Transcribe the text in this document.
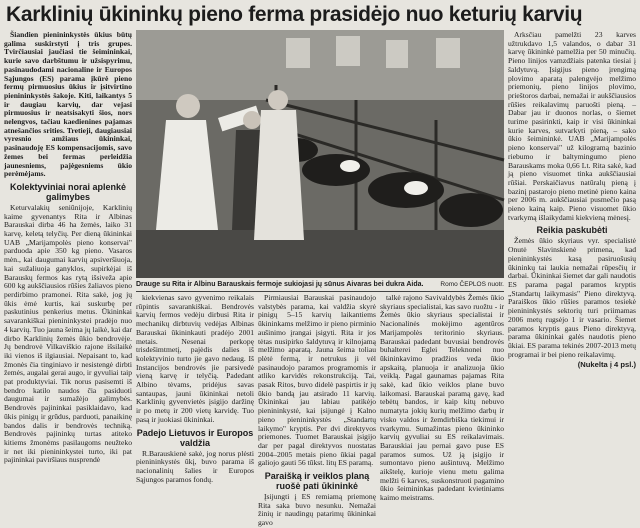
Karklinių ūkininkų pieno ferma prasidėjo nuo keturių karvių

Šiandien pienininkystės ūkius būtų galima suskirstyti į tris grupes. Tvirčiausiai jaučiasi tie šeimininkai, kurie savo darbštumu ir užsispyrimu, pasinaudodami nacionaline ir Europos Sąjungos (ES) parama įkūrė pieno fermų pirmuosius ūkius ir įsitvirtino pienininkystės šakoje. Kiti, laikantys 5 ir daugiau karvių, dar vejasi pirmuosius ir neatsisakyti šios, nors nelengvos, tačiau kaedienines pajamas atnešančios srities. Tretieji, daugiausiai vyresnio amžiaus ūkininkai, pasinaudoję ES kompensacijomis, savo žemes bei fermas perleidžia jaunesniems, pajėgesniems ūkio perėmėjams.

Kolektyviniai norai aplenkė galimybes

Keturvalakių seniūnijoje, Karklinių kaime gyvenantys Rita ir Albinas Barauskai dirba 46 ha žemės, laiko 31 karvę, keletą telyčių. Per dieną ūkininkai UAB „Marijampolės pieno konservai" parduoda apie 350 kg pieno. Vasaros mėn., kai daugumai karvių apsiveršiuoja, kai sužaliuoja ganyklos, supirkėjai iš Barauskų fermos kas rytą išsiveža apie 600 kg aukščiausios rūšies žaliavos pieno perdirbimo pramonei. Rita sakė, jog jų ūkis ėmė kurtis, kai suskurbę per paskutinius penkerius metus. Ūkininkai savarankiškai pienininkystei pradėjo nuo 4 karvių. Tuo jauna šeima jų laikė, kai dar dirbo Karklinių žemės ūkio bendrovėje. Jų bendrovė Vilkaviškio rajone išsilaikė iki vienos iš ilgiausiai. Nepaisant to, kad žmonės čia tinginiavo ir nesistengė dirbti žemės, augalai gerai augo, ir gyvuliai taip pat produktyviai. Tik norus pasisemti iš bendro katilo naudos čia pasiduoti daugumai ir sumažėjo galimybės. Bendrovės pajininkai pasiklaidavo, kad ūkis pinigų ir grūdus, parduoti, panaikinę bandos dalis ir bendrovės techniką. Bendrovės pajininkų turtas atiteko kitiems žmonėms pasilaugoms neužteko ir net iki pienininkystei turto, iki pat pajininkai paviršiaus nusprendė

Drauge su Rita ir Albinu Barauskais fermoje sukiojasi jų sūnus Aivaras bei dukra Aida.	Romo ČEPLOS nuotr.

kiekvienas savo gyvenimo reikalais rūpintis savarankiškai. Bendrovės karvių fermos vedėju dirbusi Rita ir mechanikų dirbtuvių vedėjas Albinas Barauskai ūkininkauti pradėjo 2001 metais. Nesenai perkopę trisdešimtmetį, pajėdis dalies iš kolektyvinio turto jie gavo nedaug. Iš Instancijos bendrovės jie parsivedė vieną karvę ir telyčią. Padedant Albino tėvams, pridėjus savas santaupas, jauni ūkininkai netoli Karklinių gyvenvietės įsigijo daržinę ir po metų ir 200 vietų karvidę. Tuo pasą ir juokiasi ūkininkai.

Padejo Lietuvos ir Europos valdžia

R.Barauskienė sakė, jog norus plėsti pienininkystės ūkį, buvo parama iš nacionalinių šalies ir Europos Sąjungos paramos fondų.

Pirmiausiai Barauskai pasinaudojo valstybės parama, kai valdžia skyrė pinigų 5–15 karvių laikantiems ūkininkams melžimo ir pieno pirminio aušinimo įrangai įsigyti. Rita ir jos tėtas nusipirko šaldytuvą ir kilnojamą melžimo aparatą. Jauna šeima toliau plėtė fermą, ir netrukus ji vėl pasinaudojo paramos programomis ir atliko karvidės rekonstrukciją. Tai, pasak Ritos, buvo didelė paspirtis ir jų ūkio bandą jau atsirado 11 karvių. Ūkininkai jau labiau patikėjo pienininkystė, kai įsijungė į Kalno pieno pienininkystės „Standartų laikymo" kryptis. Per dvi direktyvos priemones. Tuomet Barauskai įsigijo dar per pagal direktyvos nuostatas 2004–2005 metais pieno ūkiai pagal galiojo gauti 56 tūkst. litų ES paramą.

Paraišką ir veiklos planą ruošė pati ūkininkė

Įsijungti į ES remiamą priemonę Rita saka buvo nesunku. Nemažai žinių ir naudingų patarimų ūkininkai gavo

talkė rajono Savivaldybės Žemės ūkio skyriaus specialistai, kas savo ruožtu - ir Žemės ūkio skyriaus specialistai ir Nacionalinės mokėjimo agentūros Marijampolės teritorinio skyriaus. Barauskai padedant buvusiai bendrovės buhalterei Eglei Teleknonei nuo ūkininkavimo pradžios veda ūkio apskaitą, planuoja ir analizuoja ūkio veiklą. Pagal gaunamas pajamas Rita sakė, kad ūkio veiklos plane buvo laikomasi. Barauskai paramą gavę, kad tebėtų bandos, ir kaip kitų nebuvo numatyta jokių kurių melžimo darbų ir visko valdos ir žemdirbiška tiekimui ir tvarkymu. Sumažintas pieno ūkininko karvių gyvuliai su ES reikalavimais. Barauskiai jau pernai gavo puse ES paramos sumos. Už ją įsigijo ir sumontavo pieno aušintuvą. Melžimo aikštelę, kurioje vienu metu galima melžti 6 karves, suskonstruoti pagamino ūkio šeimininkas padedant kvietiniams kaimo meistrams.

Arksčiau pamelžti 23 karves užtrukdavo 1,5 valandos, o dabar 31 karvę ūkininkė pamelžia per 50 minučių. Pieno linijos vamzdžiais patenka tiesiai į šaldytuvą. Įsigijus pieno įrengimą plovimo aparatą palengvėjo melžimo priemonių, pieno linijos plovimo, prieštoros darbai, nemažai ir aukščiausios rūšies reikalavimų paruošti pieną. – Dabar jau ir duonos norlas, o šiemet turime pasirinkti, kaip ir visi ūkininkai kurie karves, sutvarkyti pieną, – sako ūkio šeimininkė. UAB „Marijampolės pieno konservai" už kilogramą bazinio riebumo ir baltymingumo pieno Barauskams moka 0,66 Lt. Rita sakė, kad ją pieno visuomet tinka aukščiausiai rūšiai. Perskaičiavus natūralų pieną į bazinį pastarojo pieno metinė pieno kaina per 2006 m. aukščiausiai pusmečio pasą pieno kainą kaip. Pieno visuomet ūkio tvarkymą išlaikydami kiekvieną mėnesį.

Reikia paskubėti

Žemės ūkio skyriaus vyr. specialistė Onutė Slavinskienė primena, kad pienininkystės kasą pasiruošusių ūkininkų tai laukia nemažai rūpesčių ir darbai. Ūkininkai šiemet dar gali naudotis ES parama pagal paramos kryptis „Standartų laikymasis" Pieno direktyvą. Paraiškos ūkio rūšies paramos tesiekė pienininkystės sektorių turi priimamas 2006 metų rugsėjo 1 ir vasario. Šiemet paramos kryptis gaus Pieno direktyvą, parama ūkininkai galės naudotis pieno ūkiai. ES parama tekinės 2007-2013 metų programai ir bei pieno reikalavimų.

(Nukelta į 4 psl.)
